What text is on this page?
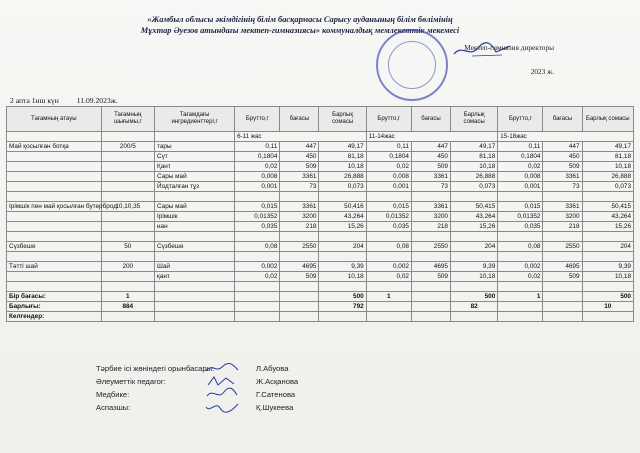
«Жамбыл облысы әкімдігінің білім басқармасы Сарысу ауданының білім бөлімінің
Мұхтар Әуезов атындағы мектеп-гимназиясы» коммуналдық мемлекеттік мекемесі
Мектеп-гимназия директоры
2023 ж.
2 апта 1нш күн 11.09.2023ж.
Тағамның атауы	Тағамның шығымы,г	Тағамдағы ингредиенттері,г	Брутто,г	бағасы	Барлық сомасы	Брутто,г	бағасы	Барлық сомасы	Брутто,г	бағасы	Барлық сомасы
			6-11 жас			11-14жас			15-18жас		
Май қосылған ботқа	200/5	тары	0,11	447	49,17	0,11	447	49,17	0,11	447	49,17
		Сүт	0,1804	450	81,18	0,1804	450	81,18	0,1804	450	81,18
		Қант	0,02	509	10,18	0,02	509	10,18	0,02	509	10,18
		Сары май	0,008	3361	26,888	0,008	3361	26,888	0,008	3361	26,888
		Йодталған тұз	0,001	73	0,073	0,001	73	0,073	0,001	73	0,073

Ірімшік пен май қосылған бутерброд	10,10,35	Сары май	0,015	3361	50,416	0,015	3361	50,415	0,015	3361	50,415
		Ірімшік	0,01352	3200	43,264	0,01352	3200	43,264	0,01352	3200	43,264
		нан	0,035	218	15,26	0,035	218	15,26	0,035	218	15,26

Сүзбеше	50	Сүзбеше	0,08	2550	204	0,08	2550	204	0,08	2550	204

Тәтті шай	200	Шай	0,002	4695	9,39	0,002	4695	9,39	0,002	4695	9,39
		қант	0,02	509	10,18	0,02	509	10,18	0,02	509	10,18

Бір бағасы:	1				500	1		500	1		500
Барлығы:	884				792			82			10
Келгендер:											
Тәрбие ісі жөніндегі орынбасары:	Л.Абуова
Әлеуметтік педагог:	Ж.Асқанова
Медбике:	Г.Сатенова
Аспазшы:	Қ.Шукеева
